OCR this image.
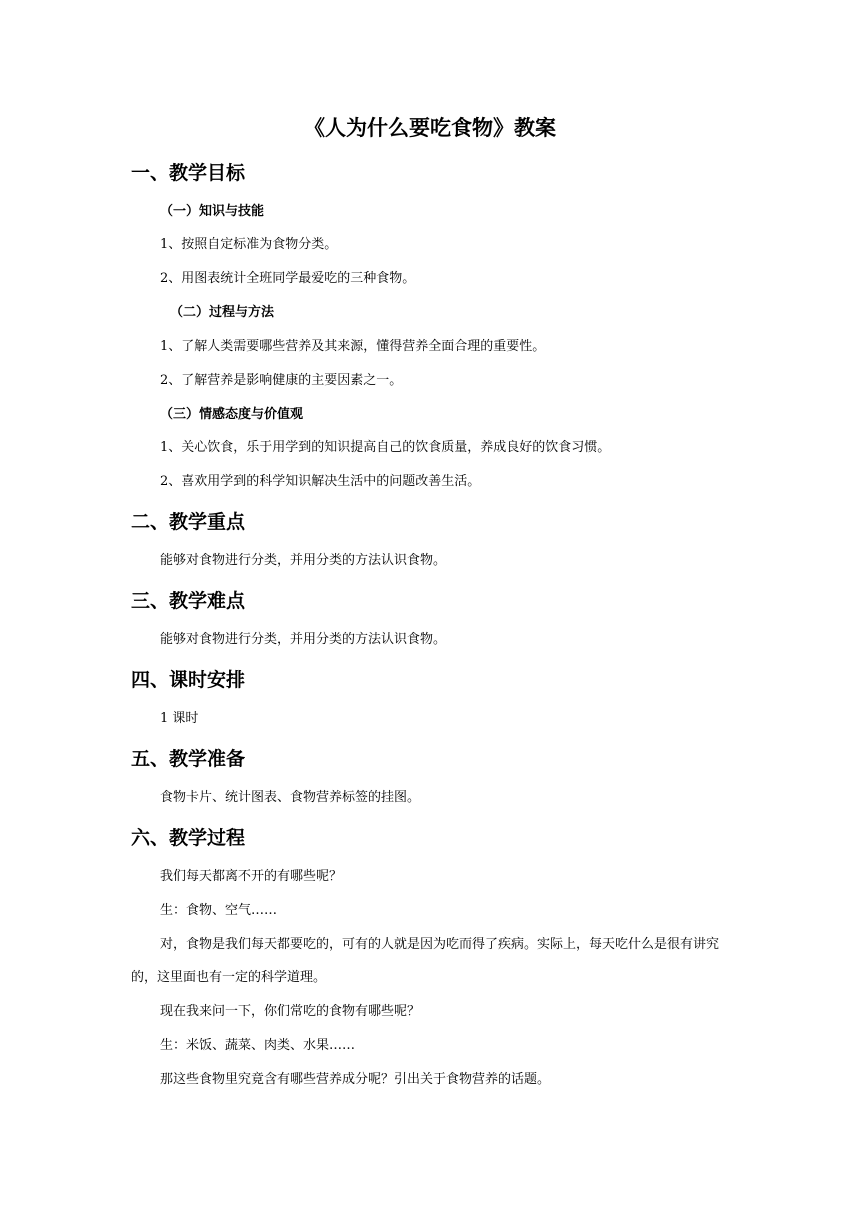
《人为什么要吃食物》教案
一、教学目标
（一）知识与技能
1、按照自定标准为食物分类。
2、用图表统计全班同学最爱吃的三种食物。
（二）过程与方法
1、了解人类需要哪些营养及其来源，懂得营养全面合理的重要性。
2、了解营养是影响健康的主要因素之一。
（三）情感态度与价值观
1、关心饮食，乐于用学到的知识提高自己的饮食质量，养成良好的饮食习惯。
2、喜欢用学到的科学知识解决生活中的问题改善生活。
二、教学重点
能够对食物进行分类，并用分类的方法认识食物。
三、教学难点
能够对食物进行分类，并用分类的方法认识食物。
四、课时安排
1 课时
五、教学准备
食物卡片、统计图表、食物营养标签的挂图。
六、教学过程
我们每天都离不开的有哪些呢？
生：食物、空气……
对，食物是我们每天都要吃的，可有的人就是因为吃而得了疾病。实际上，每天吃什么是很有讲究的，这里面也有一定的科学道理。
现在我来问一下，你们常吃的食物有哪些呢？
生：米饭、蔬菜、肉类、水果……
那这些食物里究竟含有哪些营养成分呢？引出关于食物营养的话题。
